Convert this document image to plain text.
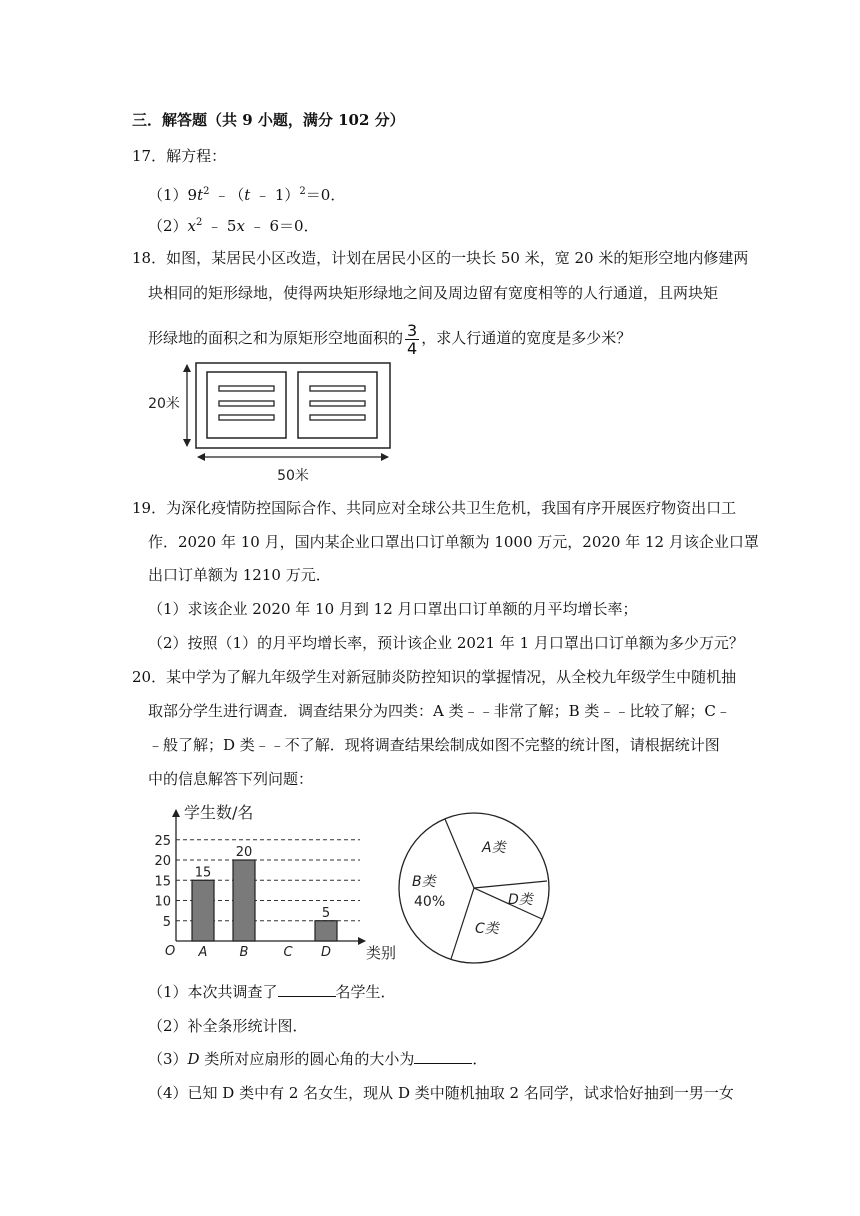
三．解答题（共 9 小题，满分 102 分）
17．解方程：
$(1)9t^2$ ﹣（t ﹣ 1）$^2$＝0．
$(2)x^2$ ﹣ 5x ﹣ 6＝0．
18．如图，某居民小区改造，计划在居民小区的一块长 50 米，宽 20 米的矩形空地内修建两
块相同的矩形绿地，使得两块矩形绿地之间及周边留有宽度相等的人行通道，且两块矩
形绿地的面积之和为原矩形空地面积的 $\frac{3}{4}$ ，求人行通道的宽度是多少米？
20米
50米
19．为深化疫情防控国际合作、共同应对全球公共卫生危机，我国有序开展医疗物资出口工
作．2020 年 10 月，国内某企业口罩出口订单额为 1000 万元，2020 年 12 月该企业口罩
出口订单额为 1210 万元．
（1）求该企业 2020 年 10 月到 12 月口罩出口订单额的月平均增长率；
（2）按照（1）的月平均增长率，预计该企业 2021 年 1 月口罩出口订单额为多少万元？
20．某中学为了解九年级学生对新冠肺炎防控知识的掌握情况，从全校九年级学生中随机抽
取部分学生进行调查．调查结果分为四类：A 类﹣﹣非常了解；B 类﹣﹣比较了解；C﹣
﹣般了解；D 类﹣﹣不了解．现将调查结果绘制成如图不完整的统计图，请根据统计图
中的信息解答下列问题：
5
10
15
20
25
A B	C D
15
20
5
学生数/名
类别
O
A类
B类
40%
C类
D类
（1）本次共调查了	名学生．
（2）补全条形统计图．
（3）D 类所对应扇形的圆心角的大小为	．
（4）已知 D 类中有 2 名女生，现从 D 类中随机抽取 2 名同学，试求恰好抽到一男一女
